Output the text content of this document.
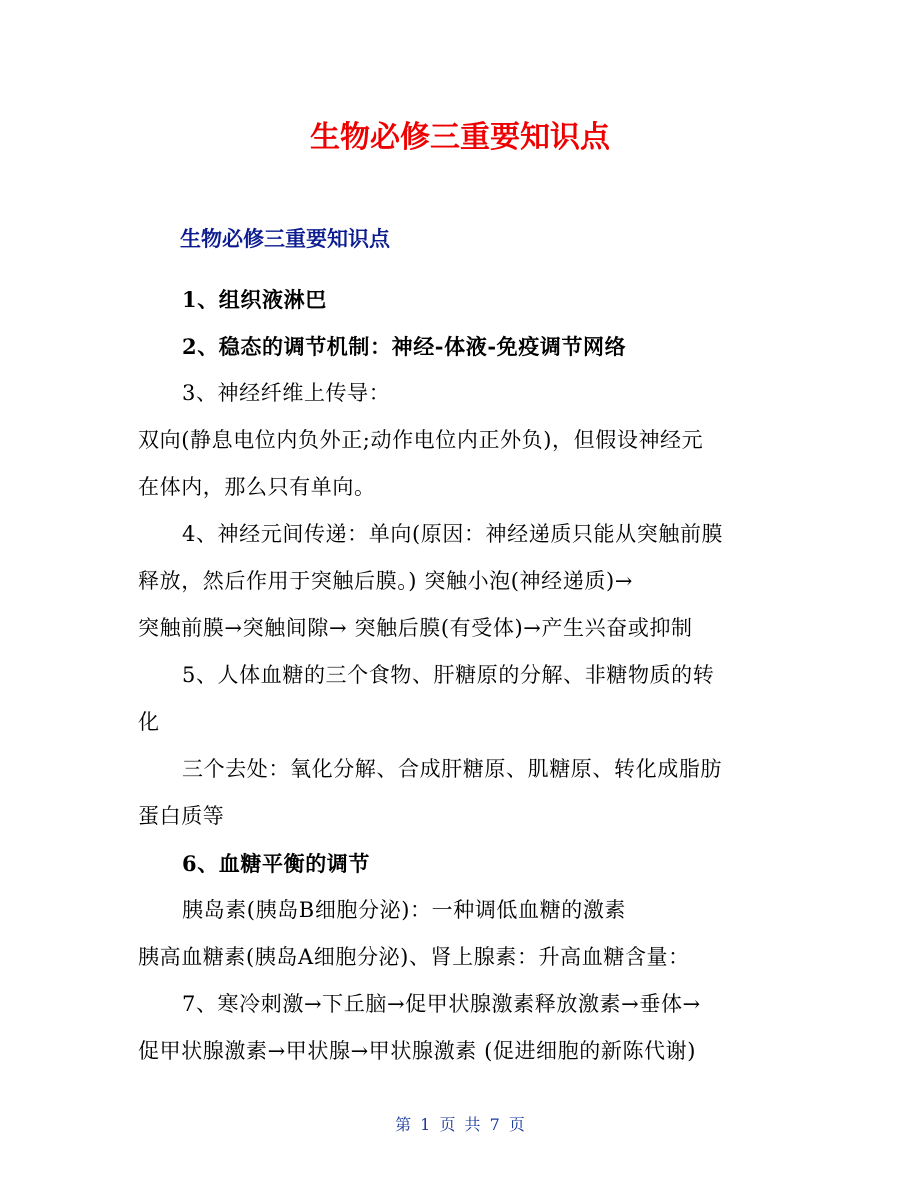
生物必修三重要知识点
生物必修三重要知识点
1、组织液淋巴
2、稳态的调节机制：神经-体液-免疫调节网络
3、神经纤维上传导：
双向(静息电位内负外正;动作电位内正外负)，但假设神经元
在体内，那么只有单向。
4、神经元间传递：单向(原因：神经递质只能从突触前膜
释放，然后作用于突触后膜。) 突触小泡(神经递质)→
突触前膜→突触间隙→ 突触后膜(有受体)→产生兴奋或抑制
5、人体血糖的三个食物、肝糖原的分解、非糖物质的转
化
三个去处：氧化分解、合成肝糖原、肌糖原、转化成脂肪
蛋白质等
6、血糖平衡的调节
胰岛素(胰岛B细胞分泌)：一种调低血糖的激素
胰高血糖素(胰岛A细胞分泌)、肾上腺素：升高血糖含量：
7、寒冷刺激→下丘脑→促甲状腺激素释放激素→垂体→
促甲状腺激素→甲状腺→甲状腺激素 (促进细胞的新陈代谢)
第 1 页 共 7 页
